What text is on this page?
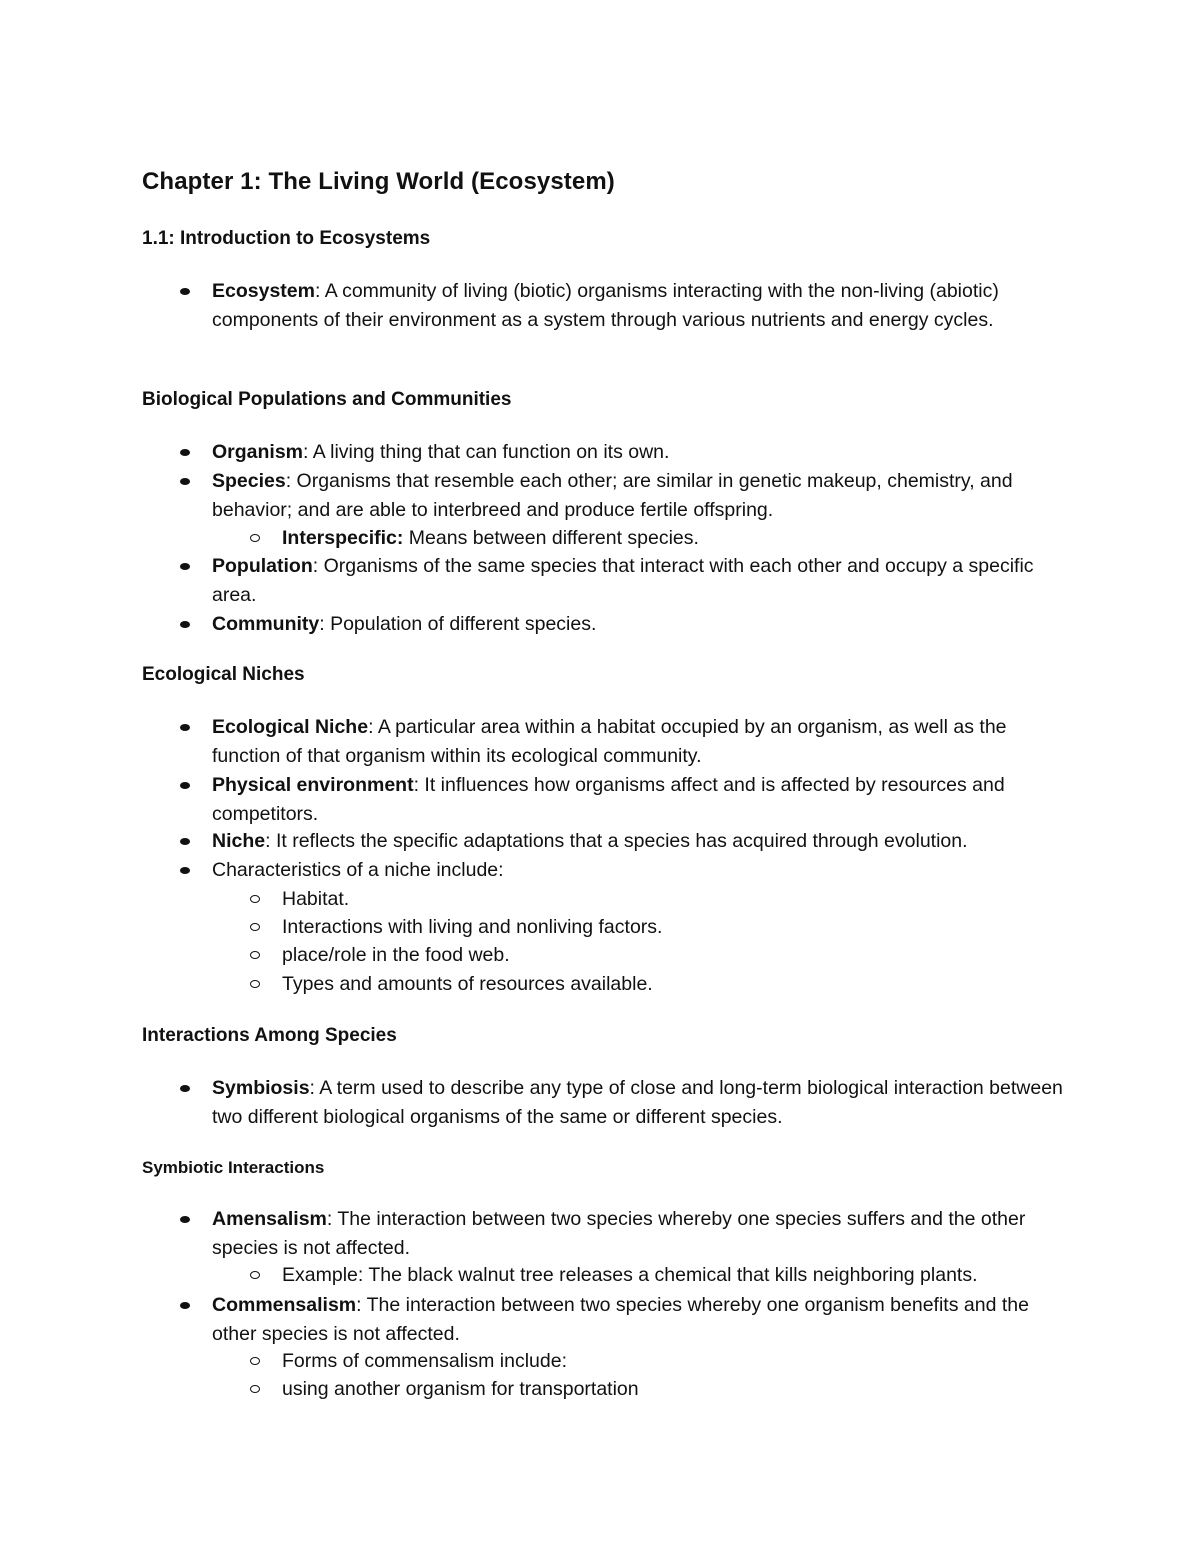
Chapter 1: The Living World (Ecosystem)
1.1: Introduction to Ecosystems

Ecosystem: A community of living (biotic) organisms interacting with the non-living (abiotic) components of their environment as a system through various nutrients and energy cycles.

Biological Populations and Communities

Organism: A living thing that can function on its own.

Species: Organisms that resemble each other; are similar in genetic makeup, chemistry, and behavior; and are able to interbreed and produce fertile offspring.

Interspecific: Means between different species.

Population: Organisms of the same species that interact with each other and occupy a specific area.

Community: Population of different species.

Ecological Niches

Ecological Niche: A particular area within a habitat occupied by an organism, as well as the function of that organism within its ecological community.

Physical environment: It influences how organisms affect and is affected by resources and competitors.

Niche: It reflects the specific adaptations that a species has acquired through evolution.

Characteristics of a niche include:

Habitat.

Interactions with living and nonliving factors.

place/role in the food web.

Types and amounts of resources available.

Interactions Among Species

Symbiosis: A term used to describe any type of close and long-term biological interaction between two different biological organisms of the same or different species.

Symbiotic Interactions

Amensalism: The interaction between two species whereby one species suffers and the other species is not affected.

Example: The black walnut tree releases a chemical that kills neighboring plants.

Commensalism: The interaction between two species whereby one organism benefits and the other species is not affected.

Forms of commensalism include:

using another organism for transportation
